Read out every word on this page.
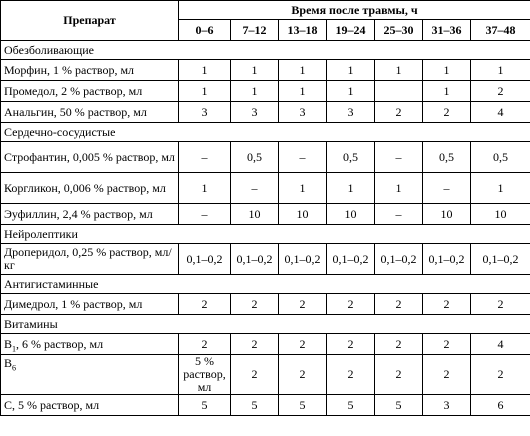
Препарат	Время после травмы, ч						
	0–6	7–12	13–18	19–24	25–30	31–36	37–48
Обезболивающие							
Морфин, 1 % раствор, мл	1	1	1	1	1	1	1
Промедол, 2 % раствор, мл	1	1	1	1		1	2
Анальгин, 50 % раствор, мл	3	3	3	3	2	2	4
Сердечно-сосудистые							
Строфантин, 0,005 % раствор, мл	–	0,5	–	0,5	–	0,5	0,5
Коргликон, 0,006 % раствор, мл	1	–	1	1	1	–	1
Эуфиллин, 2,4 % раствор, мл	–	10	10	10	–	10	10
Нейролептики							
Дроперидол, 0,25 % раствор, мл/кг	0,1–0,2	0,1–0,2	0,1–0,2	0,1–0,2	0,1–0,2	0,1–0,2	0,1–0,2
Антигистаминные							
Димедрол, 1 % раствор, мл	2	2	2	2	2	2	2
Витамины							
$B_1$, 6 % раствор, мл	2	2	2	2	2	2	4
$B_6$	5 % раствор, мл	2	2	2	2	2	2
C, 5 % раствор, мл	5	5	5	5	5	3	6
